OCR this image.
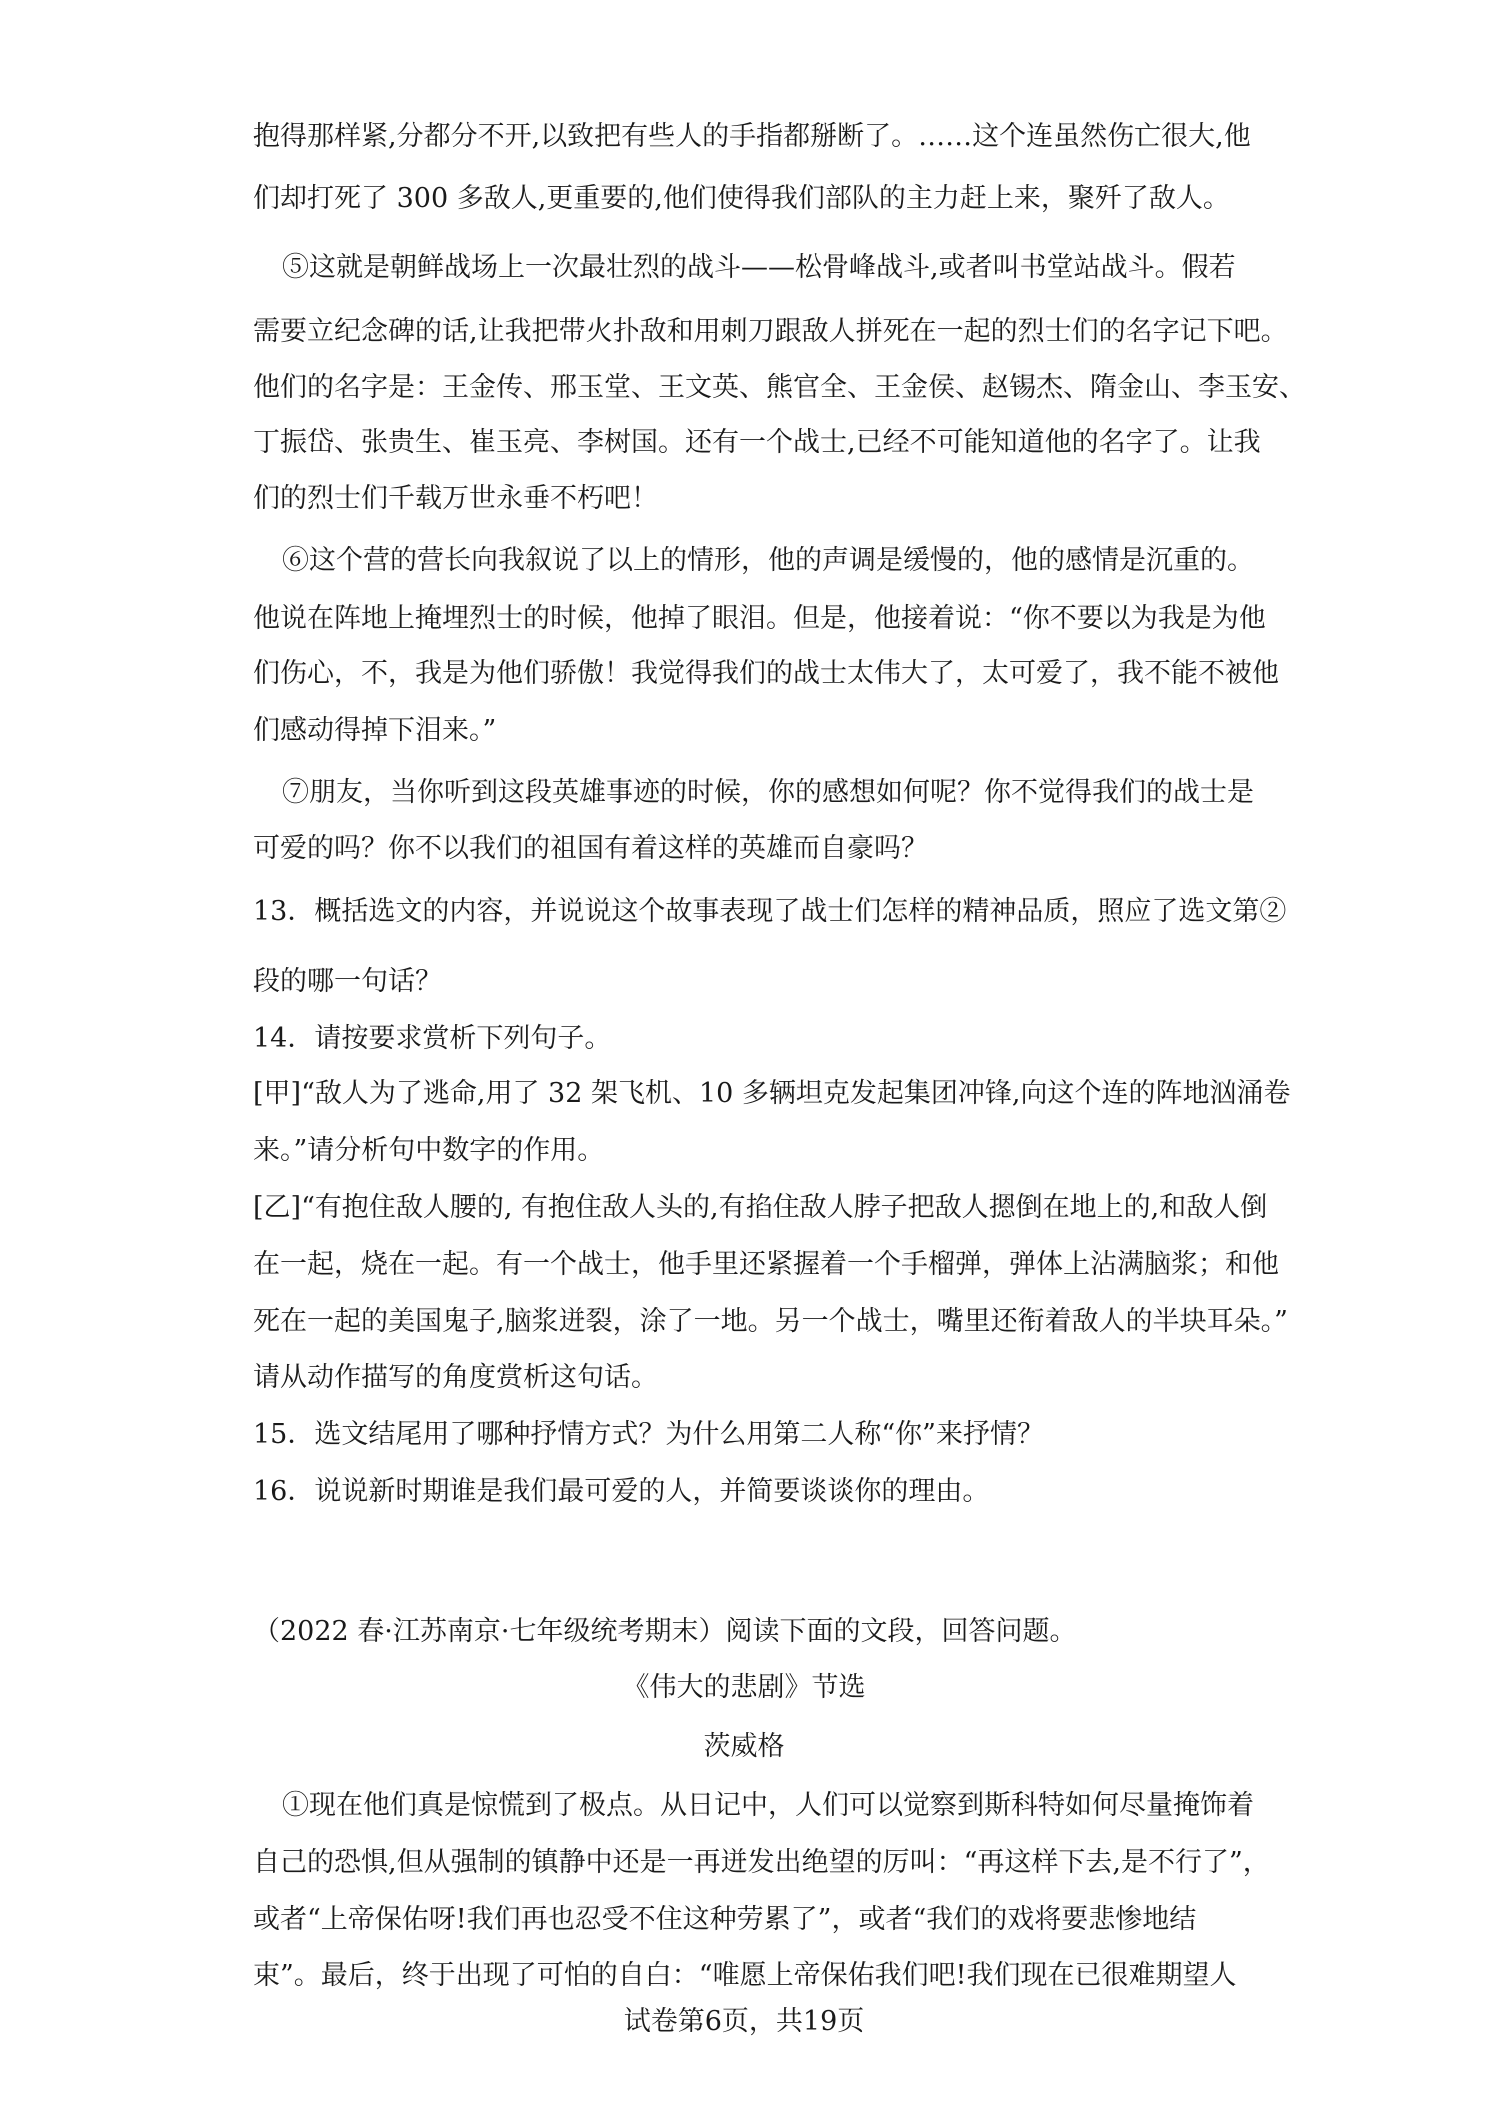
抱得那样紧,分都分不开,以致把有些人的手指都掰断了。……这个连虽然伤亡很大,他
们却打死了 300 多敌人,更重要的,他们使得我们部队的主力赶上来，聚歼了敌人。
⑤这就是朝鲜战场上一次最壮烈的战斗——松骨峰战斗,或者叫书堂站战斗。假若
需要立纪念碑的话,让我把带火扑敌和用刺刀跟敌人拼死在一起的烈士们的名字记下吧。
他们的名字是：王金传、邢玉堂、王文英、熊官全、王金侯、赵锡杰、隋金山、李玉安、
丁振岱、张贵生、崔玉亮、李树国。还有一个战士,已经不可能知道他的名字了。让我
们的烈士们千载万世永垂不朽吧！
⑥这个营的营长向我叙说了以上的情形，他的声调是缓慢的，他的感情是沉重的。
他说在阵地上掩埋烈士的时候，他掉了眼泪。但是，他接着说：“你不要以为我是为他
们伤心，不，我是为他们骄傲！我觉得我们的战士太伟大了，太可爱了，我不能不被他
们感动得掉下泪来。”
⑦朋友，当你听到这段英雄事迹的时候，你的感想如何呢？你不觉得我们的战士是
可爱的吗？你不以我们的祖国有着这样的英雄而自豪吗？
13．概括选文的内容，并说说这个故事表现了战士们怎样的精神品质，照应了选文第②
段的哪一句话？
14．请按要求赏析下列句子。
[甲]“敌人为了逃命,用了 32 架飞机、10 多辆坦克发起集团冲锋,向这个连的阵地汹涌卷
来。”请分析句中数字的作用。
[乙]“有抱住敌人腰的, 有抱住敌人头的,有掐住敌人脖子把敌人摁倒在地上的,和敌人倒
在一起，烧在一起。有一个战士，他手里还紧握着一个手榴弹，弹体上沾满脑浆；和他
死在一起的美国鬼子,脑浆迸裂，涂了一地。另一个战士，嘴里还衔着敌人的半块耳朵。”
请从动作描写的角度赏析这句话。
15．选文结尾用了哪种抒情方式？为什么用第二人称“你”来抒情？
16．说说新时期谁是我们最可爱的人，并简要谈谈你的理由。
（2022 春·江苏南京·七年级统考期末）阅读下面的文段，回答问题。
《伟大的悲剧》节选
茨威格
①现在他们真是惊慌到了极点。从日记中，人们可以觉察到斯科特如何尽量掩饰着
自己的恐惧,但从强制的镇静中还是一再迸发出绝望的厉叫：“再这样下去,是不行了”，
或者“上帝保佑呀!我们再也忍受不住这种劳累了”，或者“我们的戏将要悲惨地结
束”。最后，终于出现了可怕的自白：“唯愿上帝保佑我们吧!我们现在已很难期望人
试卷第6页，共19页
